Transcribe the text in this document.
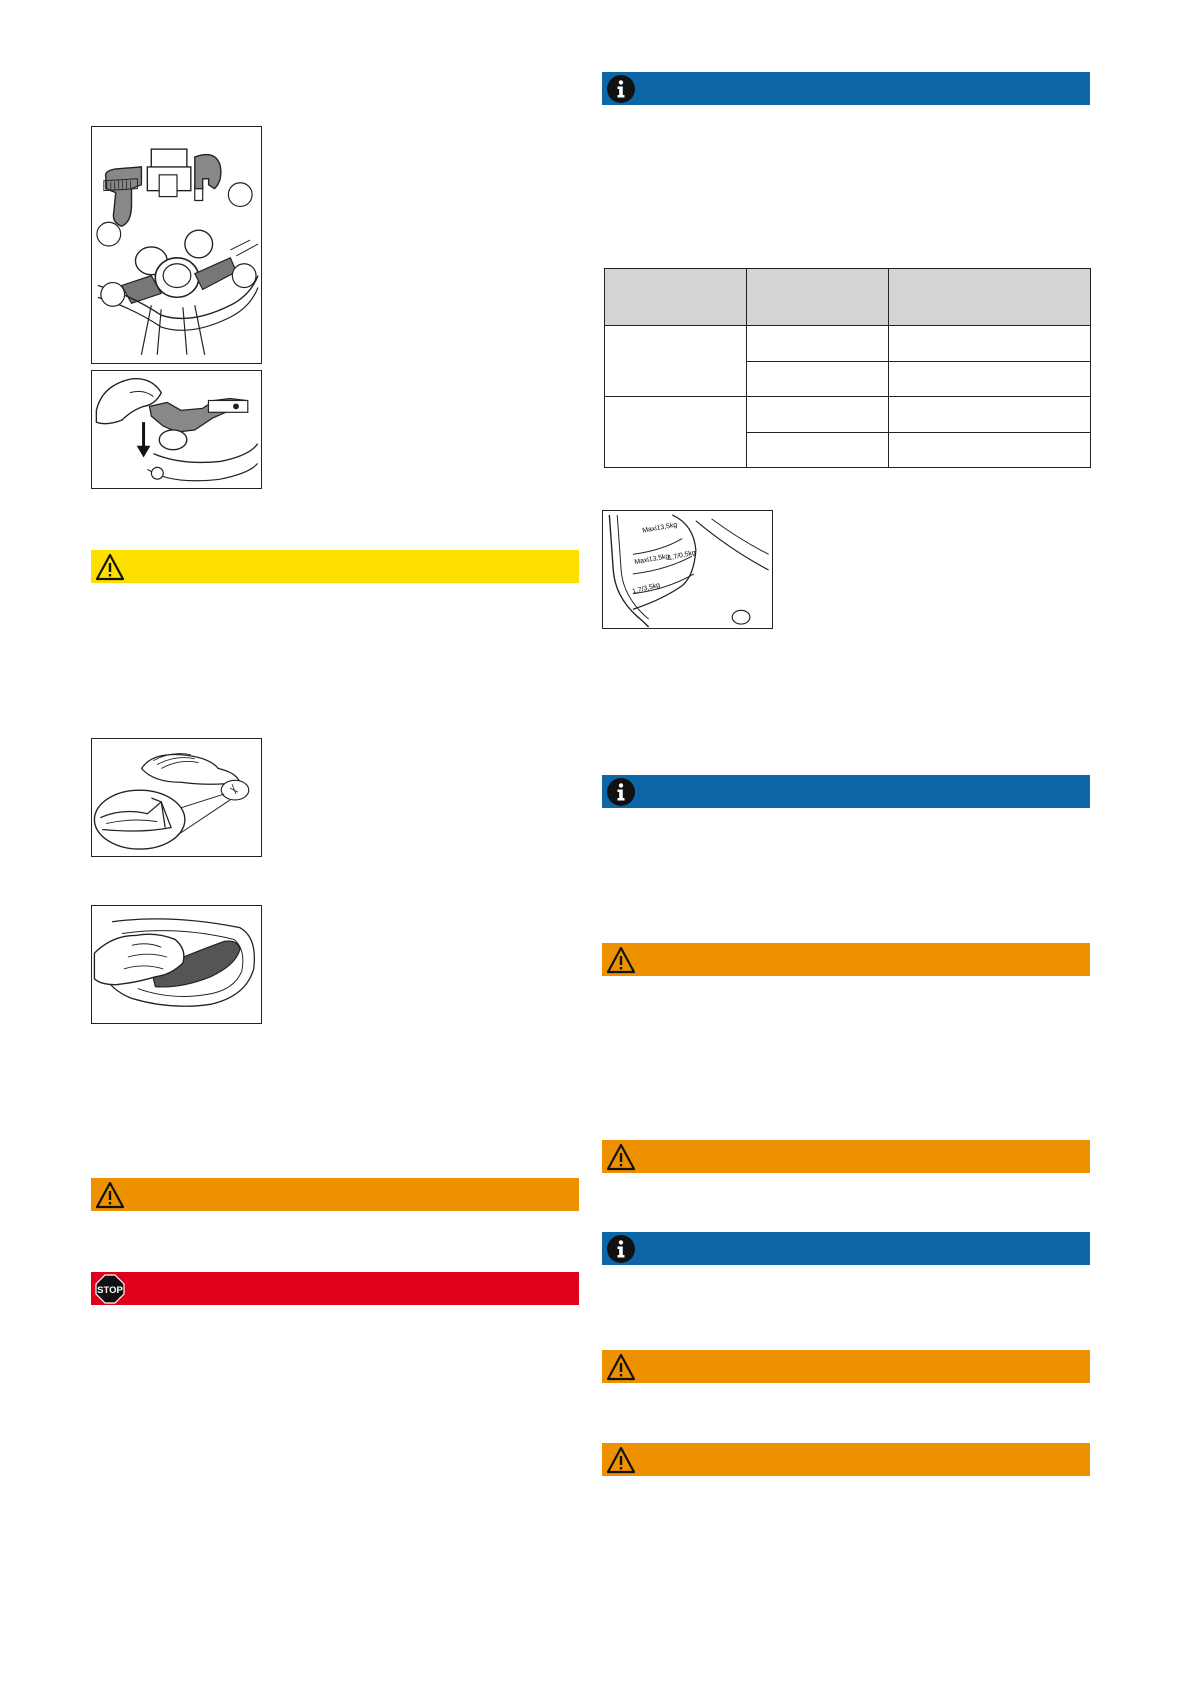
STOP

Maxi13,5kg
Maxi13,5kg
1,7/0,5kg
1,7/3,5kg
